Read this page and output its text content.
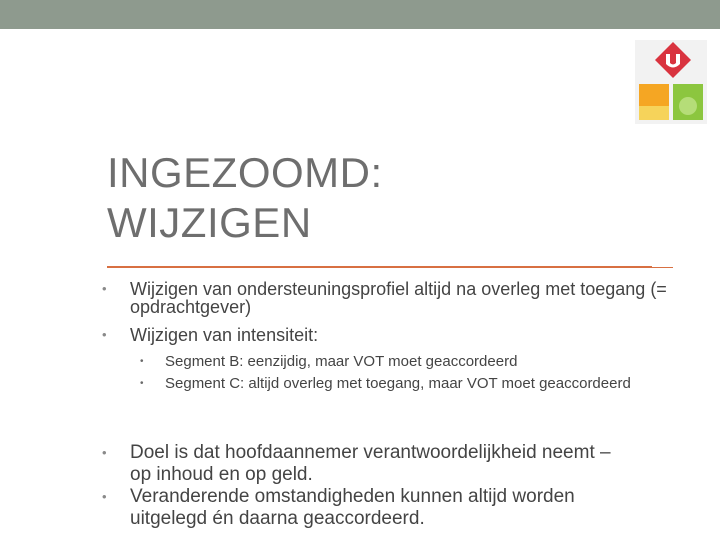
INGEZOOMD:
WIJZIGEN
•	Wijzigen van ondersteuningsprofiel altijd na overleg met toegang (= opdrachtgever)
•	Wijzigen van intensiteit:
•	Segment B: eenzijdig, maar VOT moet geaccordeerd
•	Segment C: altijd overleg met toegang, maar VOT moet geaccordeerd
•	Doel is dat hoofdaannemer verantwoordelijkheid neemt – op inhoud en op geld.
•	Veranderende omstandigheden kunnen altijd worden uitgelegd én daarna geaccordeerd.
